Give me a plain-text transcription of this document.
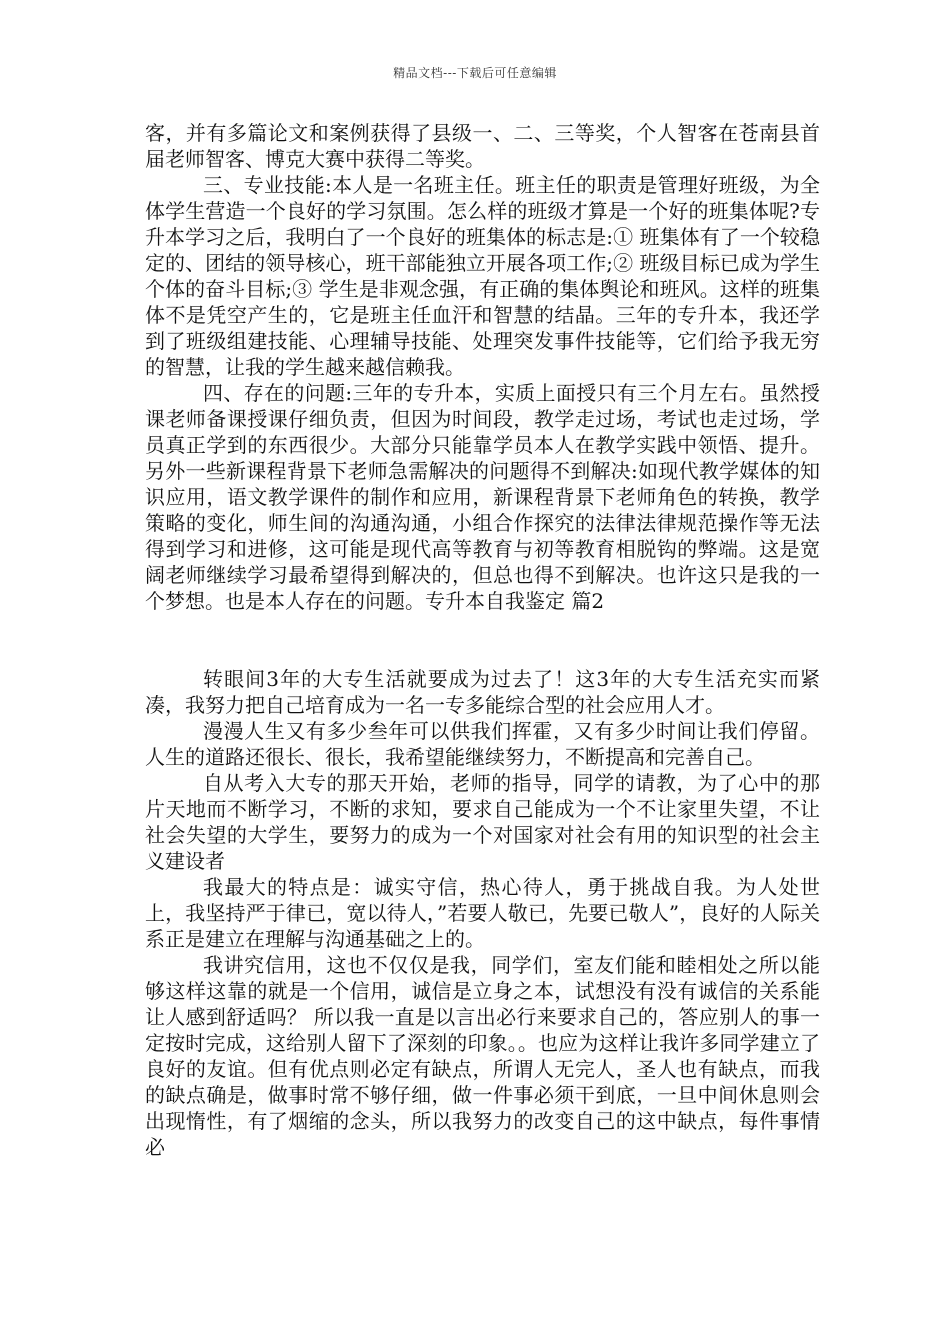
精品文档---下载后可任意编辑

客，并有多篇论文和案例获得了县级一、二、三等奖，个人智客在苍南县首届老师智客、博克大赛中获得二等奖。

三、专业技能:本人是一名班主任。班主任的职责是管理好班级，为全体学生营造一个良好的学习氛围。怎么样的班级才算是一个好的班集体呢?专升本学习之后，我明白了一个良好的班集体的标志是:① 班集体有了一个较稳定的、团结的领导核心，班干部能独立开展各项工作;② 班级目标已成为学生个体的奋斗目标;③ 学生是非观念强，有正确的集体舆论和班风。这样的班集体不是凭空产生的，它是班主任血汗和智慧的结晶。三年的专升本，我还学到了班级组建技能、心理辅导技能、处理突发事件技能等，它们给予我无穷的智慧，让我的学生越来越信赖我。

四、存在的问题:三年的专升本，实质上面授只有三个月左右。虽然授课老师备课授课仔细负责，但因为时间段，教学走过场，考试也走过场，学员真正学到的东西很少。大部分只能靠学员本人在教学实践中领悟、提升。另外一些新课程背景下老师急需解决的问题得不到解决:如现代教学媒体的知识应用，语文教学课件的制作和应用，新课程背景下老师角色的转换，教学策略的变化，师生间的沟通沟通，小组合作探究的法律法律规范操作等无法得到学习和进修，这可能是现代高等教育与初等教育相脱钩的弊端。这是宽阔老师继续学习最希望得到解决的，但总也得不到解决。也许这只是我的一个梦想。也是本人存在的问题。专升本自我鉴定 篇2

转眼间3年的大专生活就要成为过去了！这3年的大专生活充实而紧凑，我努力把自己培育成为一名一专多能综合型的社会应用人才。

漫漫人生又有多少叁年可以供我们挥霍，又有多少时间让我们停留。人生的道路还很长、很长，我希望能继续努力，不断提高和完善自己。

自从考入大专的那天开始，老师的指导，同学的请教，为了心中的那片天地而不断学习，不断的求知，要求自己能成为一个不让家里失望，不让社会失望的大学生，要努力的成为一个对国家对社会有用的知识型的社会主义建设者

我最大的特点是：诚实守信，热心待人，勇于挑战自我。为人处世上，我坚持严于律已，宽以待人，”若要人敬已，先要已敬人”，良好的人际关系正是建立在理解与沟通基础之上的。

我讲究信用，这也不仅仅是我，同学们，室友们能和睦相处之所以能够这样这靠的就是一个信用，诚信是立身之本，试想没有没有诚信的关系能让人感到舒适吗？ 所以我一直是以言出必行来要求自己的，答应别人的事一定按时完成，这给别人留下了深刻的印象。。也应为这样让我许多同学建立了良好的友谊。但有优点则必定有缺点，所谓人无完人，圣人也有缺点，而我的缺点确是，做事时常不够仔细，做一件事必须干到底，一旦中间休息则会出现惰性，有了烟缩的念头，所以我努力的改变自己的这中缺点，每件事情必
